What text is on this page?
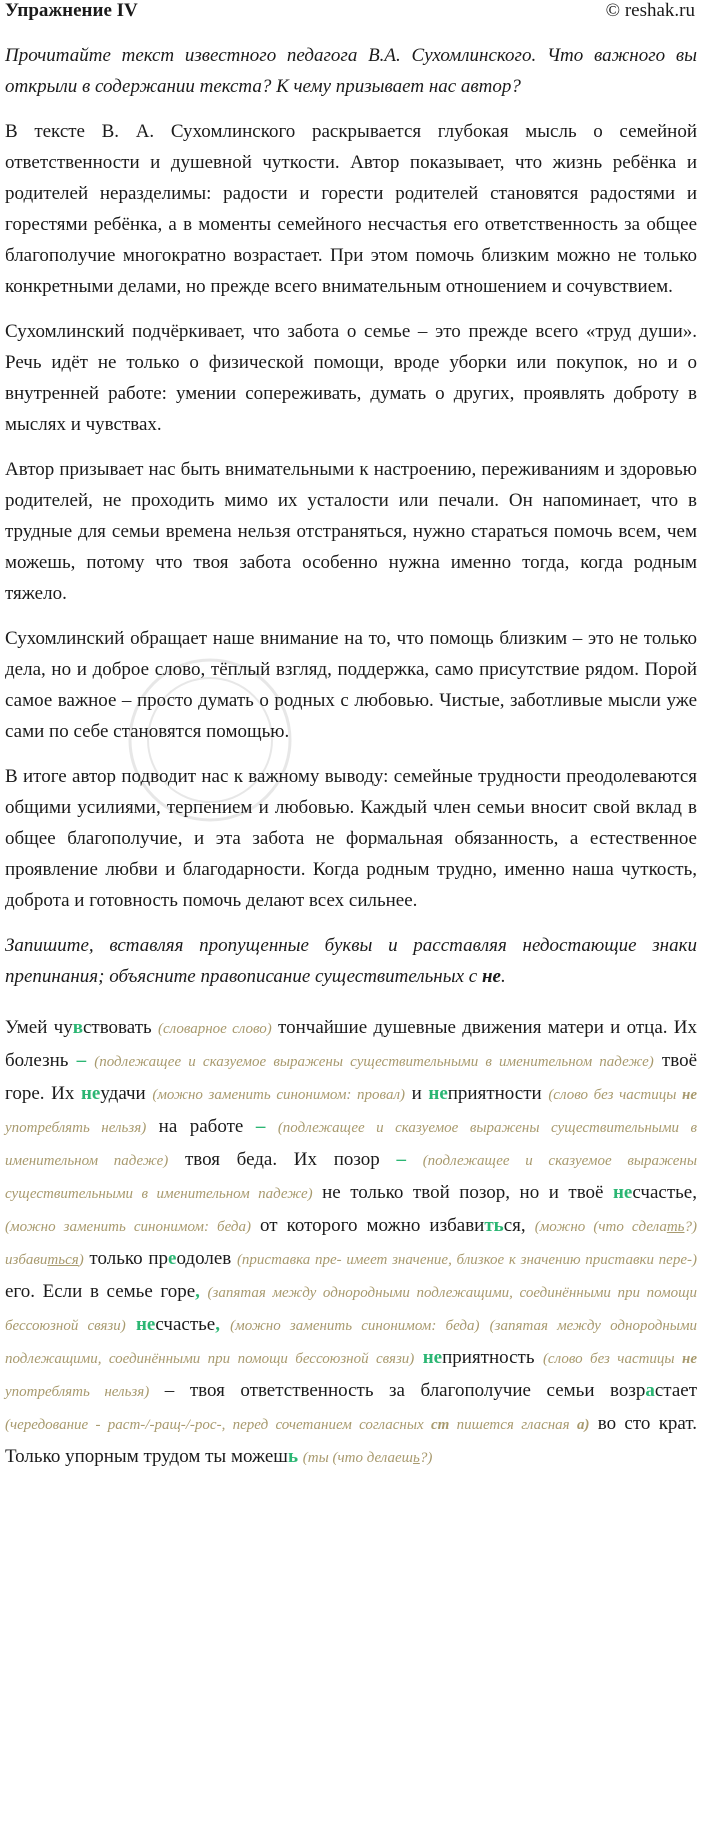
Упражнение IV	© reshak.ru

Прочитайте текст известного педагога В.А. Сухомлинского. Что важного вы открыли в содержании текста? К чему призывает нас автор?

В тексте В. А. Сухомлинского раскрывается глубокая мысль о семейной ответственности и душевной чуткости. Автор показывает, что жизнь ребёнка и родителей неразделимы: радости и горести родителей становятся радостями и горестями ребёнка, а в моменты семейного несчастья его ответственность за общее благополучие многократно возрастает. При этом помочь близким можно не только конкретными делами, но прежде всего внимательным отношением и сочувствием.

Сухомлинский подчёркивает, что забота о семье – это прежде всего «труд души». Речь идёт не только о физической помощи, вроде уборки или покупок, но и о внутренней работе: умении сопереживать, думать о других, проявлять доброту в мыслях и чувствах.

Автор призывает нас быть внимательными к настроению, переживаниям и здоровью родителей, не проходить мимо их усталости или печали. Он напоминает, что в трудные для семьи времена нельзя отстраняться, нужно стараться помочь всем, чем можешь, потому что твоя забота особенно нужна именно тогда, когда родным тяжело.

Сухомлинский обращает наше внимание на то, что помощь близким – это не только дела, но и доброе слово, тёплый взгляд, поддержка, само присутствие рядом. Порой самое важное – просто думать о родных с любовью. Чистые, заботливые мысли уже сами по себе становятся помощью.

В итоге автор подводит нас к важному выводу: семейные трудности преодолеваются общими усилиями, терпением и любовью. Каждый член семьи вносит свой вклад в общее благополучие, и эта забота не формальная обязанность, а естественное проявление любви и благодарности. Когда родным трудно, именно наша чуткость, доброта и готовность помочь делают всех сильнее.

Запишите, вставляя пропущенные буквы и расставляя недостающие знаки препинания; объясните правописание существительных с не.

Умей чувствовать (словарное слово) тончайшие душевные движения матери и отца. Их болезнь – (подлежащее и сказуемое выражены существительными в именительном падеже) твоё горе. Их неудачи (можно заменить синонимом: провал) и неприятности (слово без частицы не употреблять нельзя) на работе – (подлежащее и сказуемое выражены существительными в именительном падеже) твоя беда. Их позор – (подлежащее и сказуемое выражены существительными в именительном падеже) не только твой позор, но и твоё несчастье, (можно заменить синонимом: беда) от которого можно избавиться, (можно (что сделать?) избавиться) только преодолев (приставка пре- имеет значение, близкое к значению приставки пере-) его. Если в семье горе, (запятая между однородными подлежащими, соединёнными при помощи бессоюзной связи) несчастье, (можно заменить синонимом: беда) (запятая между однородными подлежащими, соединёнными при помощи бессоюзной связи) неприятность (слово без частицы не употреблять нельзя) – твоя ответственность за благополучие семьи возрастает (чередование - раст-/-ращ-/-рос-, перед сочетанием согласных ст пишется гласная а) во сто крат. Только упорным трудом ты можешь (ты (что делаешь?)
